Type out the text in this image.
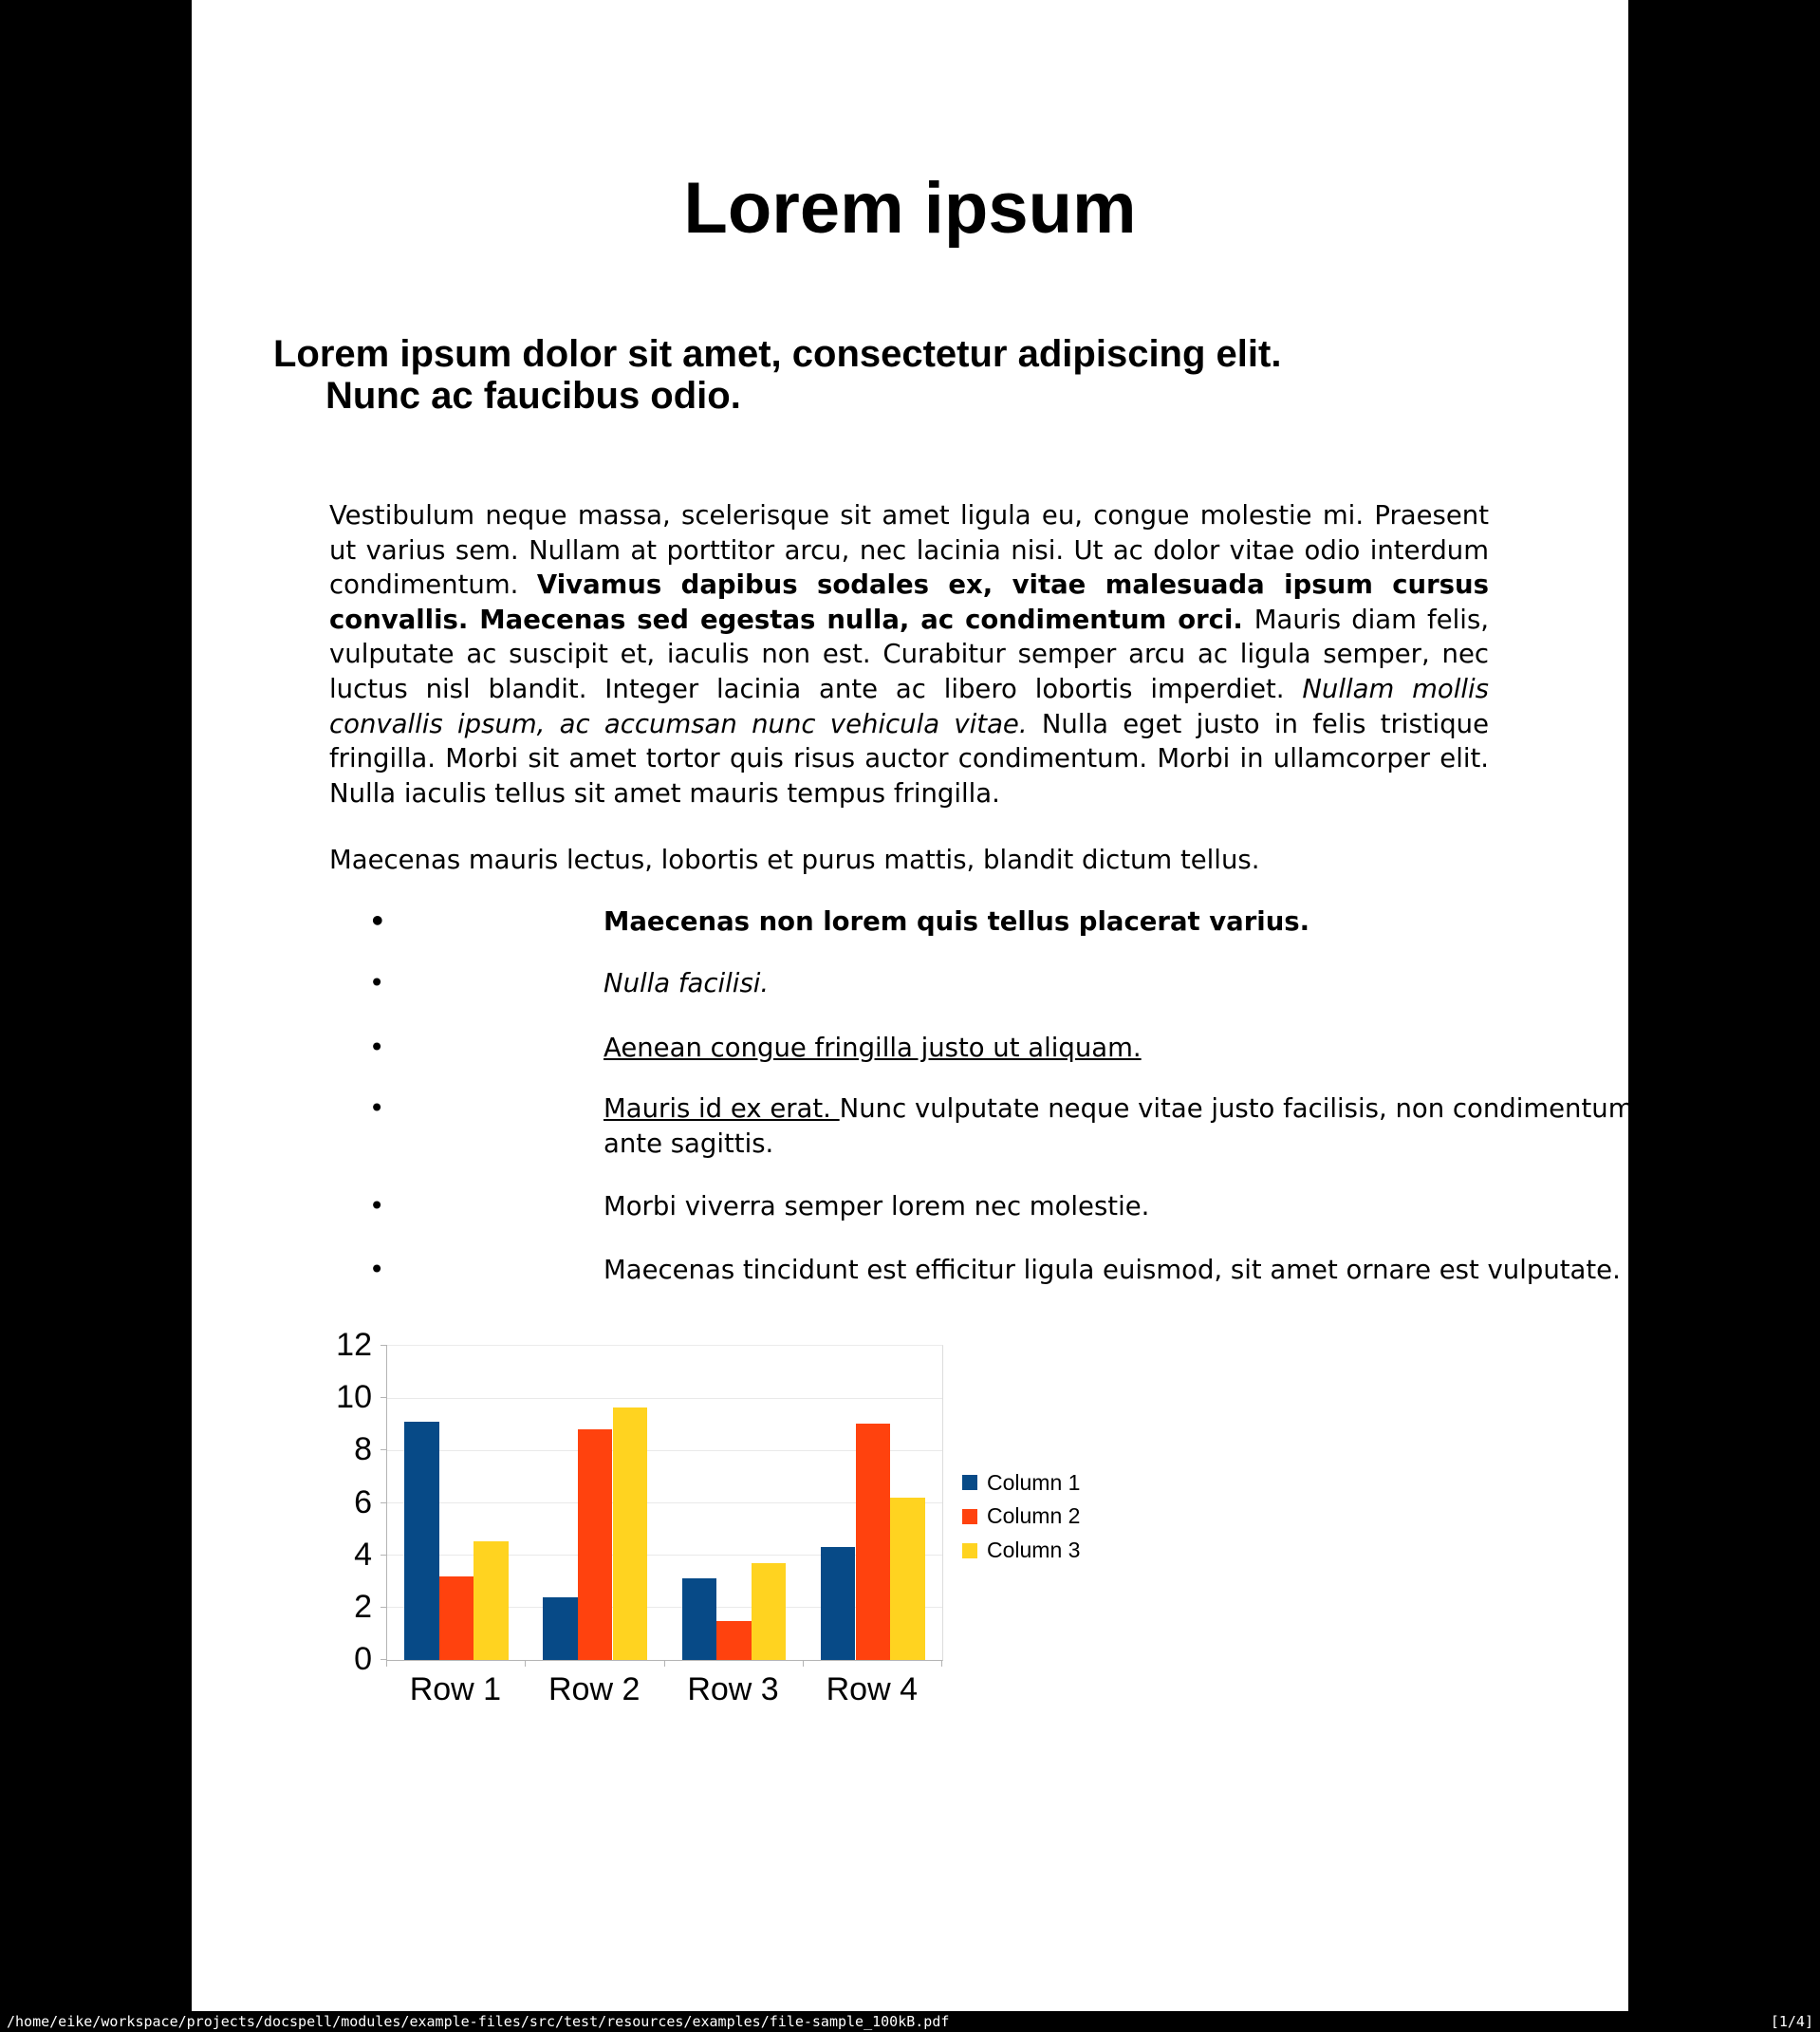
Lorem ipsum
Lorem ipsum dolor sit amet, consectetur adipiscing elit.
Nunc ac faucibus odio.
Vestibulum neque massa, scelerisque sit amet ligula eu, congue molestie mi. Praesent ut varius sem. Nullam at porttitor arcu, nec lacinia nisi. Ut ac dolor vitae odio interdum condimentum. Vivamus dapibus sodales ex, vitae malesuada ipsum cursus convallis. Maecenas sed egestas nulla, ac condimentum orci. Mauris diam felis, vulputate ac suscipit et, iaculis non est. Curabitur semper arcu ac ligula semper, nec luctus nisl blandit. Integer lacinia ante ac libero lobortis imperdiet. Nullam mollis convallis ipsum, ac accumsan nunc vehicula vitae. Nulla eget justo in felis tristique fringilla. Morbi sit amet tortor quis risus auctor condimentum. Morbi in ullamcorper elit. Nulla iaculis tellus sit amet mauris tempus fringilla.
Maecenas mauris lectus, lobortis et purus mattis, blandit dictum tellus.
•	Maecenas non lorem quis tellus placerat varius.
•	Nulla facilisi.
•	Aenean congue fringilla justo ut aliquam.
•	Mauris id ex erat. Nunc vulputate neque vitae justo facilisis, non condimentum ante sagittis.
•	Morbi viverra semper lorem nec molestie.
•	Maecenas tincidunt est efficitur ligula euismod, sit amet ornare est vulputate.
0
2
4
6
8
10
12
Row 1	Row 2	Row 3	Row 4
Column 1
Column 2
Column 3
/home/eike/workspace/projects/docspell/modules/example-files/src/test/resources/examples/file-sample_100kB.pdf	[1/4]
